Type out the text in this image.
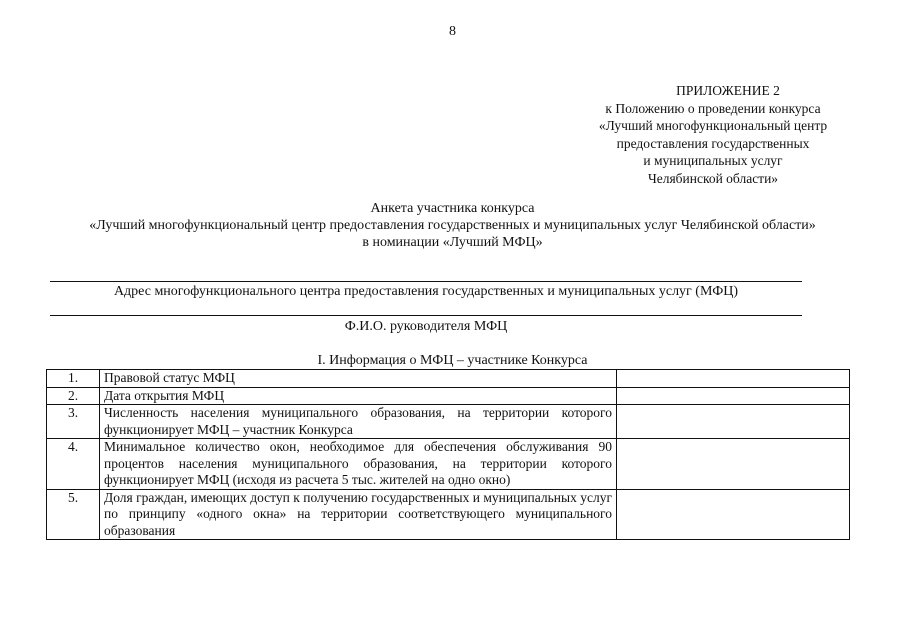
8
ПРИЛОЖЕНИЕ 2
к Положению о проведении конкурса
«Лучший многофункциональный центр
предоставления государственных
и муниципальных услуг
Челябинской области»
Анкета участника конкурса
«Лучший многофункциональный центр предоставления государственных и муниципальных услуг Челябинской области»
в номинации «Лучший МФЦ»
Адрес многофункционального центра предоставления государственных и муниципальных услуг (МФЦ)
Ф.И.О. руководителя МФЦ
I. Информация о МФЦ – участнике Конкурса
1.	Правовой статус МФЦ	
2.	Дата открытия МФЦ	
3.	Численность населения муниципального образования, на территории которого функционирует МФЦ – участник Конкурса	
4.	Минимальное количество окон, необходимое для обеспечения обслуживания 90 процентов населения муниципального образования, на территории которого функционирует МФЦ (исходя из расчета 5 тыс. жителей на одно окно)	
5.	Доля граждан, имеющих доступ к получению государственных и муниципальных услуг по принципу «одного окна» на территории соответствующего муниципального образования	
